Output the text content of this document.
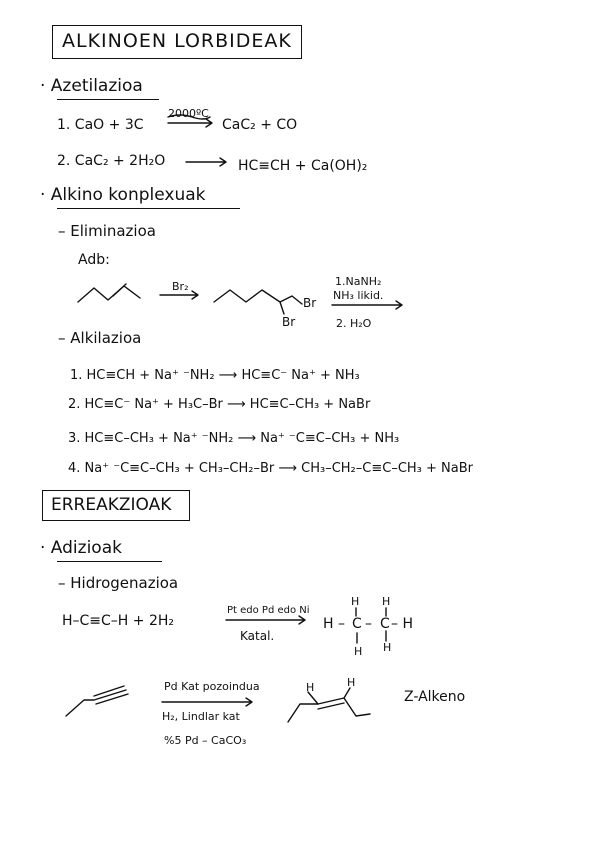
ALKINOEN LORBIDEAK
· Azetilazioa
1. CaO + 3C
2000ºC
CaC₂ + CO
2. CaC₂ + 2H₂O	HC≡CH + Ca(OH)₂
· Alkino konplexuak
– Eliminazioa
Adb:
Br₂
Br
Br
1.NaNH₂
NH₃ likid.
2. H₂O
– Alkilazioa
1. HC≡CH + Na⁺ ⁻NH₂ ⟶ HC≡C⁻ Na⁺ + NH₃
2. HC≡C⁻ Na⁺ + H₃C–Br ⟶ HC≡C–CH₃ + NaBr
3. HC≡C–CH₃ + Na⁺ ⁻NH₂ ⟶ Na⁺ ⁻C≡C–CH₃ + NH₃
4. Na⁺ ⁻C≡C–CH₃ + CH₃–CH₂–Br ⟶ CH₃–CH₂–C≡C–CH₃ + NaBr
ERREAKZIOAK
· Adizioak
– Hidrogenazioa
H–C≡C–H + 2H₂
Pt edo Pd edo Ni
Katal.
H – C – C – H
H H
H H
Pd Kat pozoindua
H₂, Lindlar kat
%5 Pd – CaCO₃
H	H
Z-Alkeno
